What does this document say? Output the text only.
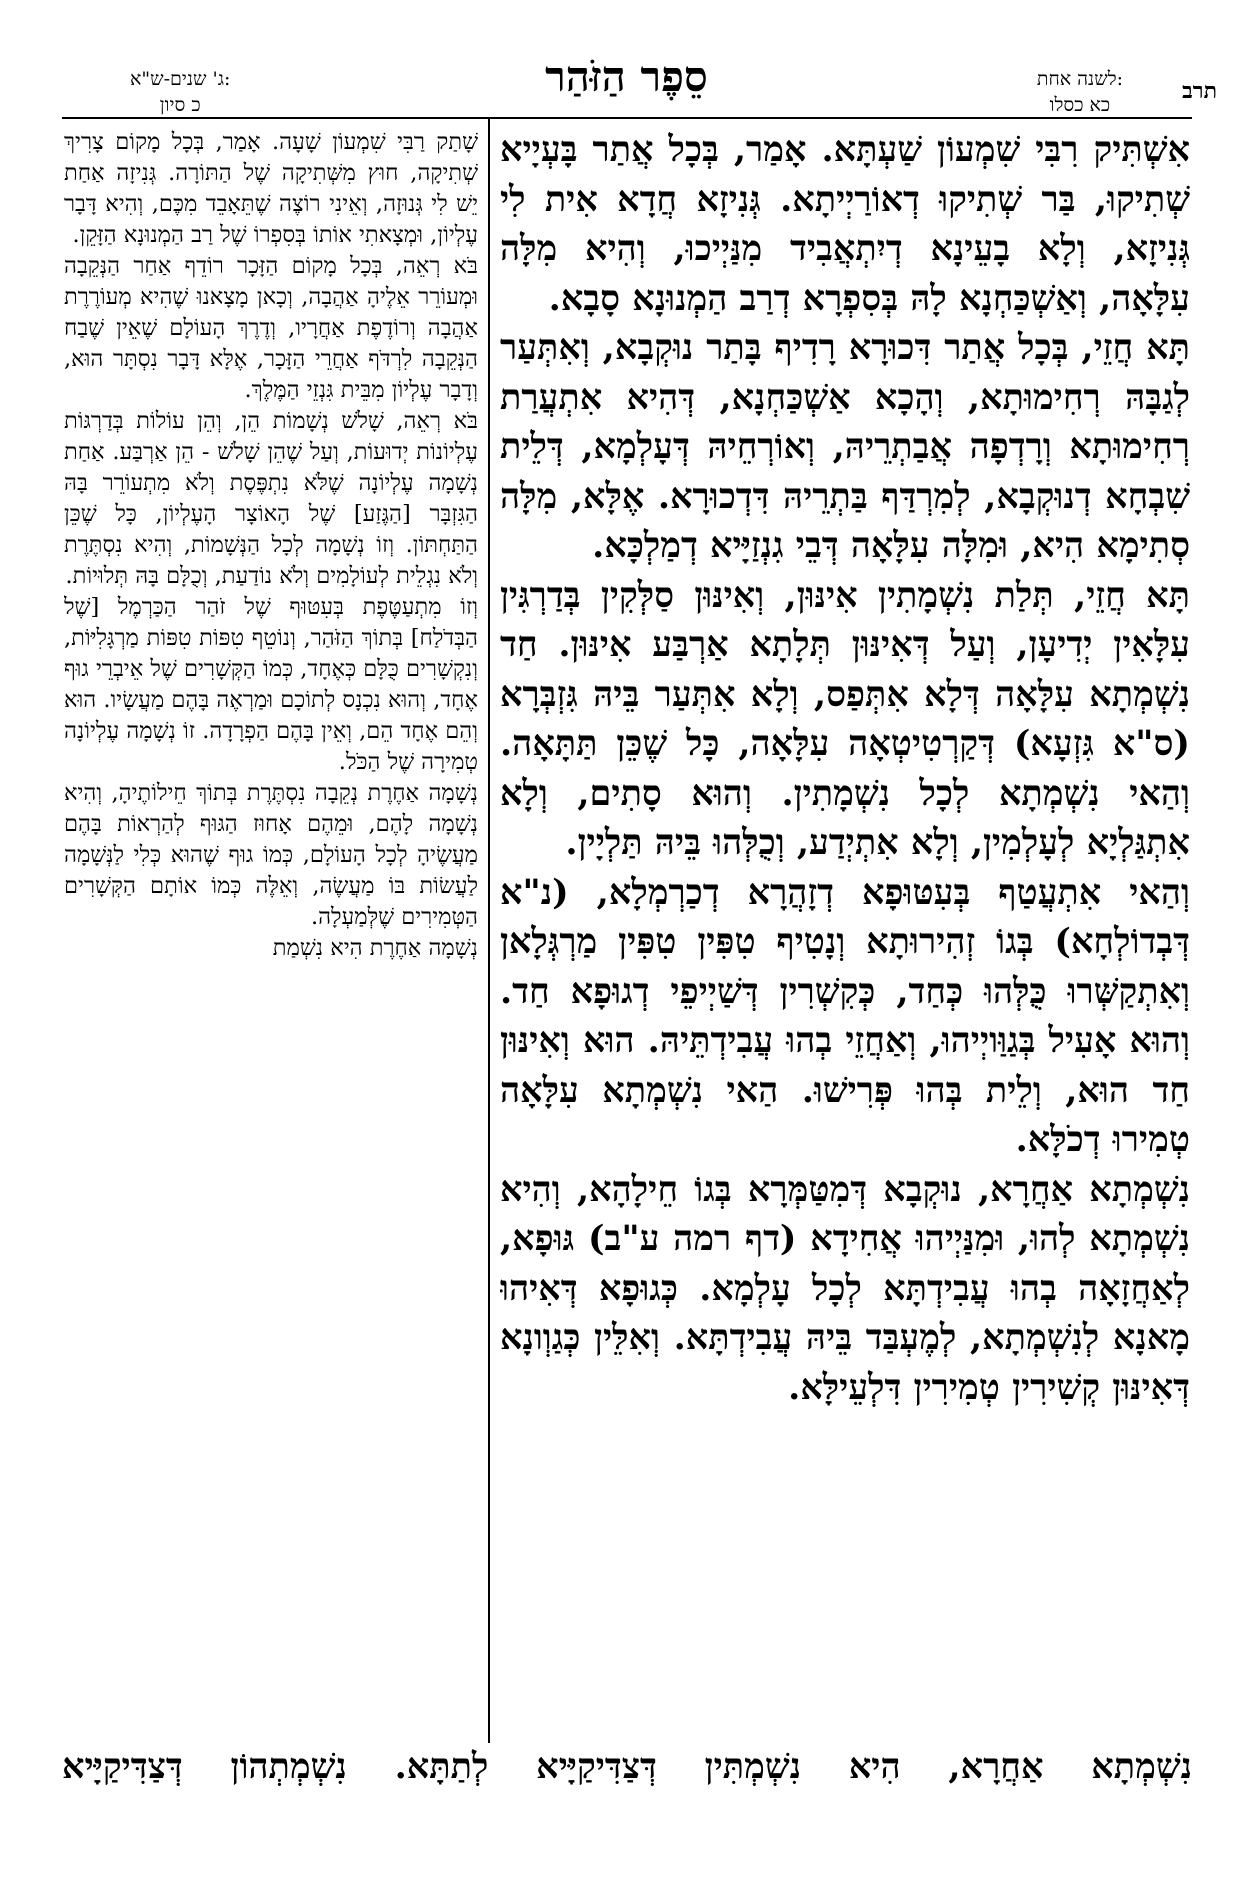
תרב
לשנה אחת:
כא כסלו
סֵפֶר הַזֹּהַר
ג' שנים-ש"א:
כ סיון

אִשְׁתִּיק רִבִּי שִׁמְעוֹן שַׁעְתָּא. אָמַר, בְּכָל אֲתַר בָּעְיָיא שְׁתִיקוּ, בַּר שְׁתִיקוּ דְאוֹרַיְיתָא. גְּנִיזָא חֲדָא אִית לִי גְּנִיזָא, וְלָא בָעֵינָא דְיִתְאֲבִיד מִנַּיְיכוּ, וְהִיא מִלָּה עִלָּאָה, וְאַשְׁכַּחְנָא לָהּ בְּסִפְרָא דְרַב הַמְנוּנָא סָבָא.

תָּא חֲזֵי, בְּכָל אֲתַר דִּכוּרָא רָדִיף בָּתַר נוּקְבָא, וְאִתְּעַר לְגַבָּהּ רְחִימוּתָא, וְהָכָא אַשְׁכַּחְנָא, דְּהִיא אִתְעֲרַת רְחִימוּתָא וְרָדְפָה אֲבַתְרֵיהּ, וְאוֹרְחֵיהּ דְּעָלְמָא, דְּלֵית שִׁבְחָא דְנוּקְבָא, לְמִרְדַּף בַּתְרֵיהּ דִּדְכוּרָא. אֶלָּא, מִלָּה סְתִימָא הִיא, וּמִלָּה עִלָּאָה דְּבֵי גִנְזַיָּיא דְמַלְכָּא.

תָּא חֲזֵי, תְּלַת נִשְׁמָתִין אִינּוּן, וְאִינּוּן סַלְּקִין בְּדַרְגִּין עִלָּאִין יְדִיעָן, וְעַל דְּאִינּוּן תְּלָתָא אַרְבַּע אִינּוּן. חַד נִשְׁמְתָא עִלָּאָה דְּלָא אִתְּפַס, וְלָא אִתְּעַר בֵּיהּ גִּזְבְּרָא (ס"א גִּזְעָא) דְּקַרְטִיטְאָה עִלָּאָה, כָּל שֶׁכֵּן תַּתָּאָה. וְהַאי נִשְׁמְתָא לְכָל נִשְׁמָתִין. וְהוּא סָתִים, וְלָא אִתְגַּלְיָא לְעָלְמִין, וְלָא אִתְיְדַע, וְכֻלְּהוּ בֵּיהּ תַּלְיָין.

וְהַאי אִתְעֲטַף בְּעִטּוּפָא דְזָהֲרָא דְכַרְמְלָא, (נ"א דְּבְדוֹלְחָא) בְּגוֹ זְהִירוּתָא וְנָטִיף טִפִּין טִפִּין מַרְגְּלָאן וְאִתְקַשְּׁרוּ כֻּלְּהוּ כְּחַד, כְּקִשְׁרִין דְּשַׁיְיפֵי דְגוּפָא חַד. וְהוּא אָעִיל בְּגַוַּויְיהוּ, וְאַחֲזֵי בְהוּ עֲבִידְתֵּיהּ. הוּא וְאִינּוּן חַד הוּא, וְלֵית בְּהוּ פְּרִישׁוּ. הַאי נִשְׁמְתָא עִלָּאָה טְמִירוּ דְכֹלָּא.

נִשְׁמְתָא אַחֲרָא, נוּקְבָא דְּמִטַּמְּרָא בְּגוֹ חֵילָהָא, וְהִיא נִשְׁמְתָא לְהוּ, וּמִנַּיְיהוּ אֲחִידָא (דף רמה ע"ב) גּוּפָא, לְאַחֲזָאָה בְהוּ עֲבִידְתָּא לְכָל עָלְמָא. כְּגוּפָא דְּאִיהוּ מָאנָא לְנִשְׁמְתָא, לְמֶעְבַּד בֵּיהּ עֲבִידְתָּא. וְאִלֵּין כְּגַוְונָא דְּאִינּוּן קְשִׁירִין טְמִירִין דִּלְעֵילָּא.

שָׁתַק רַבִּי שִׁמְעוֹן שָׁעָה. אָמַר, בְּכָל מָקוֹם צָרִיךְ שְׁתִיקָה, חוּץ מִשְּׁתִיקָה שֶׁל הַתּוֹרָה. גְּנִיזָה אַחַת יֵשׁ לִי גְּנוּזָה, וְאֵינִי רוֹצֶה שֶׁתֵּאָבֵד מִכֶּם, וְהִיא דָּבָר עֶלְיוֹן, וּמְצָאתִי אוֹתוֹ בְּסִפְרוֹ שֶׁל רַב הַמְנוּנָא הַזָּקֵן.

בֹּא רְאֵה, בְּכָל מָקוֹם הַזָּכָר רוֹדֵף אַחַר הַנְּקֵבָה וּמְעוֹרֵר אֵלֶיהָ אַהֲבָה, וְכָאן מָצָאנוּ שֶׁהִיא מְעוֹרֶרֶת אַהֲבָה וְרוֹדֶפֶת אַחֲרָיו, וְדֶרֶךְ הָעוֹלָם שֶׁאֵין שֶׁבַח הַנְּקֵבָה לִרְדֹּף אַחֲרֵי הַזָּכָר, אֶלָּא דָּבָר נִסְתָּר הוּא, וְדָבָר עֶלְיוֹן מִבֵּית גִּנְזֵי הַמֶּלֶךְ.

בֹּא רְאֵה, שָׁלֹשׁ נְשָׁמוֹת הֵן, וְהֵן עוֹלוֹת בְּדַרְגּוֹת עֶלְיוֹנוֹת יְדוּעוֹת, וְעַל שֶׁהֵן שָׁלֹשׁ - הֵן אַרְבַּע. אַחַת נְשָׁמָה עֶלְיוֹנָה שֶׁלֹּא נִתְפֶּסֶת וְלֹא מִתְעוֹרֵר בָּהּ הַגִּזְבָּר [הַגֶּזַע] שֶׁל הָאוֹצָר הָעֶלְיוֹן, כָּל שֶׁכֵּן הַתַּחְתּוֹן. וְזוֹ נְשָׁמָה לְכָל הַנְּשָׁמוֹת, וְהִיא נִסְתֶּרֶת וְלֹא נִגְלֵית לְעוֹלָמִים וְלֹא נוֹדַעַת, וְכֻלָּם בָּהּ תְּלוּיוֹת.

וְזוֹ מִתְעַטֶּפֶת בְּעִטּוּף שֶׁל זֹהַר הַכַּרְמֶל [שֶׁל הַבְּדֹלַח] בְּתוֹךְ הַזֹּהַר, וְנוֹטֵף טִפּוֹת טִפּוֹת מַרְגָּלִיּוֹת, וְנִקְשָׁרִים כֻּלָּם כְּאֶחָד, כְּמוֹ הַקְּשָׁרִים שֶׁל אֵיבְרֵי גוּף אֶחָד, וְהוּא נִכְנָס לְתוֹכָם וּמַרְאֶה בָּהֶם מַעֲשָׂיו. הוּא וְהֵם אֶחָד הֵם, וְאֵין בָּהֶם הַפְרָדָה. זוֹ נְשָׁמָה עֶלְיוֹנָה טְמִירָה שֶׁל הַכֹּל.

נְשָׁמָה אַחֶרֶת נְקֵבָה נִסְתֶּרֶת בְּתוֹךְ חֵילוֹתֶיהָ, וְהִיא נְשָׁמָה לָהֶם, וּמֵהֶם אָחוּז הַגּוּף לְהַרְאוֹת בָּהֶם מַעֲשֶׂיהָ לְכָל הָעוֹלָם, כְּמוֹ גוּף שֶׁהוּא כְּלִי לַנְּשָׁמָה לַעֲשׂוֹת בּוֹ מַעֲשֶׂה, וְאֵלֶּה כְּמוֹ אוֹתָם הַקְּשָׁרִים הַטְּמִירִים שֶׁלְּמַעְלָה.

נְשָׁמָה אַחֶרֶת הִיא נִשְׁמַת

נִשְׁמְתָא אַחֲרָא, הִיא נִשְׁמְתִּין דְּצַדִּיקַיָּיא לְתַתָּא. נִשְׁמְתְהוֹן דְּצַדִּיקַיָּיא
